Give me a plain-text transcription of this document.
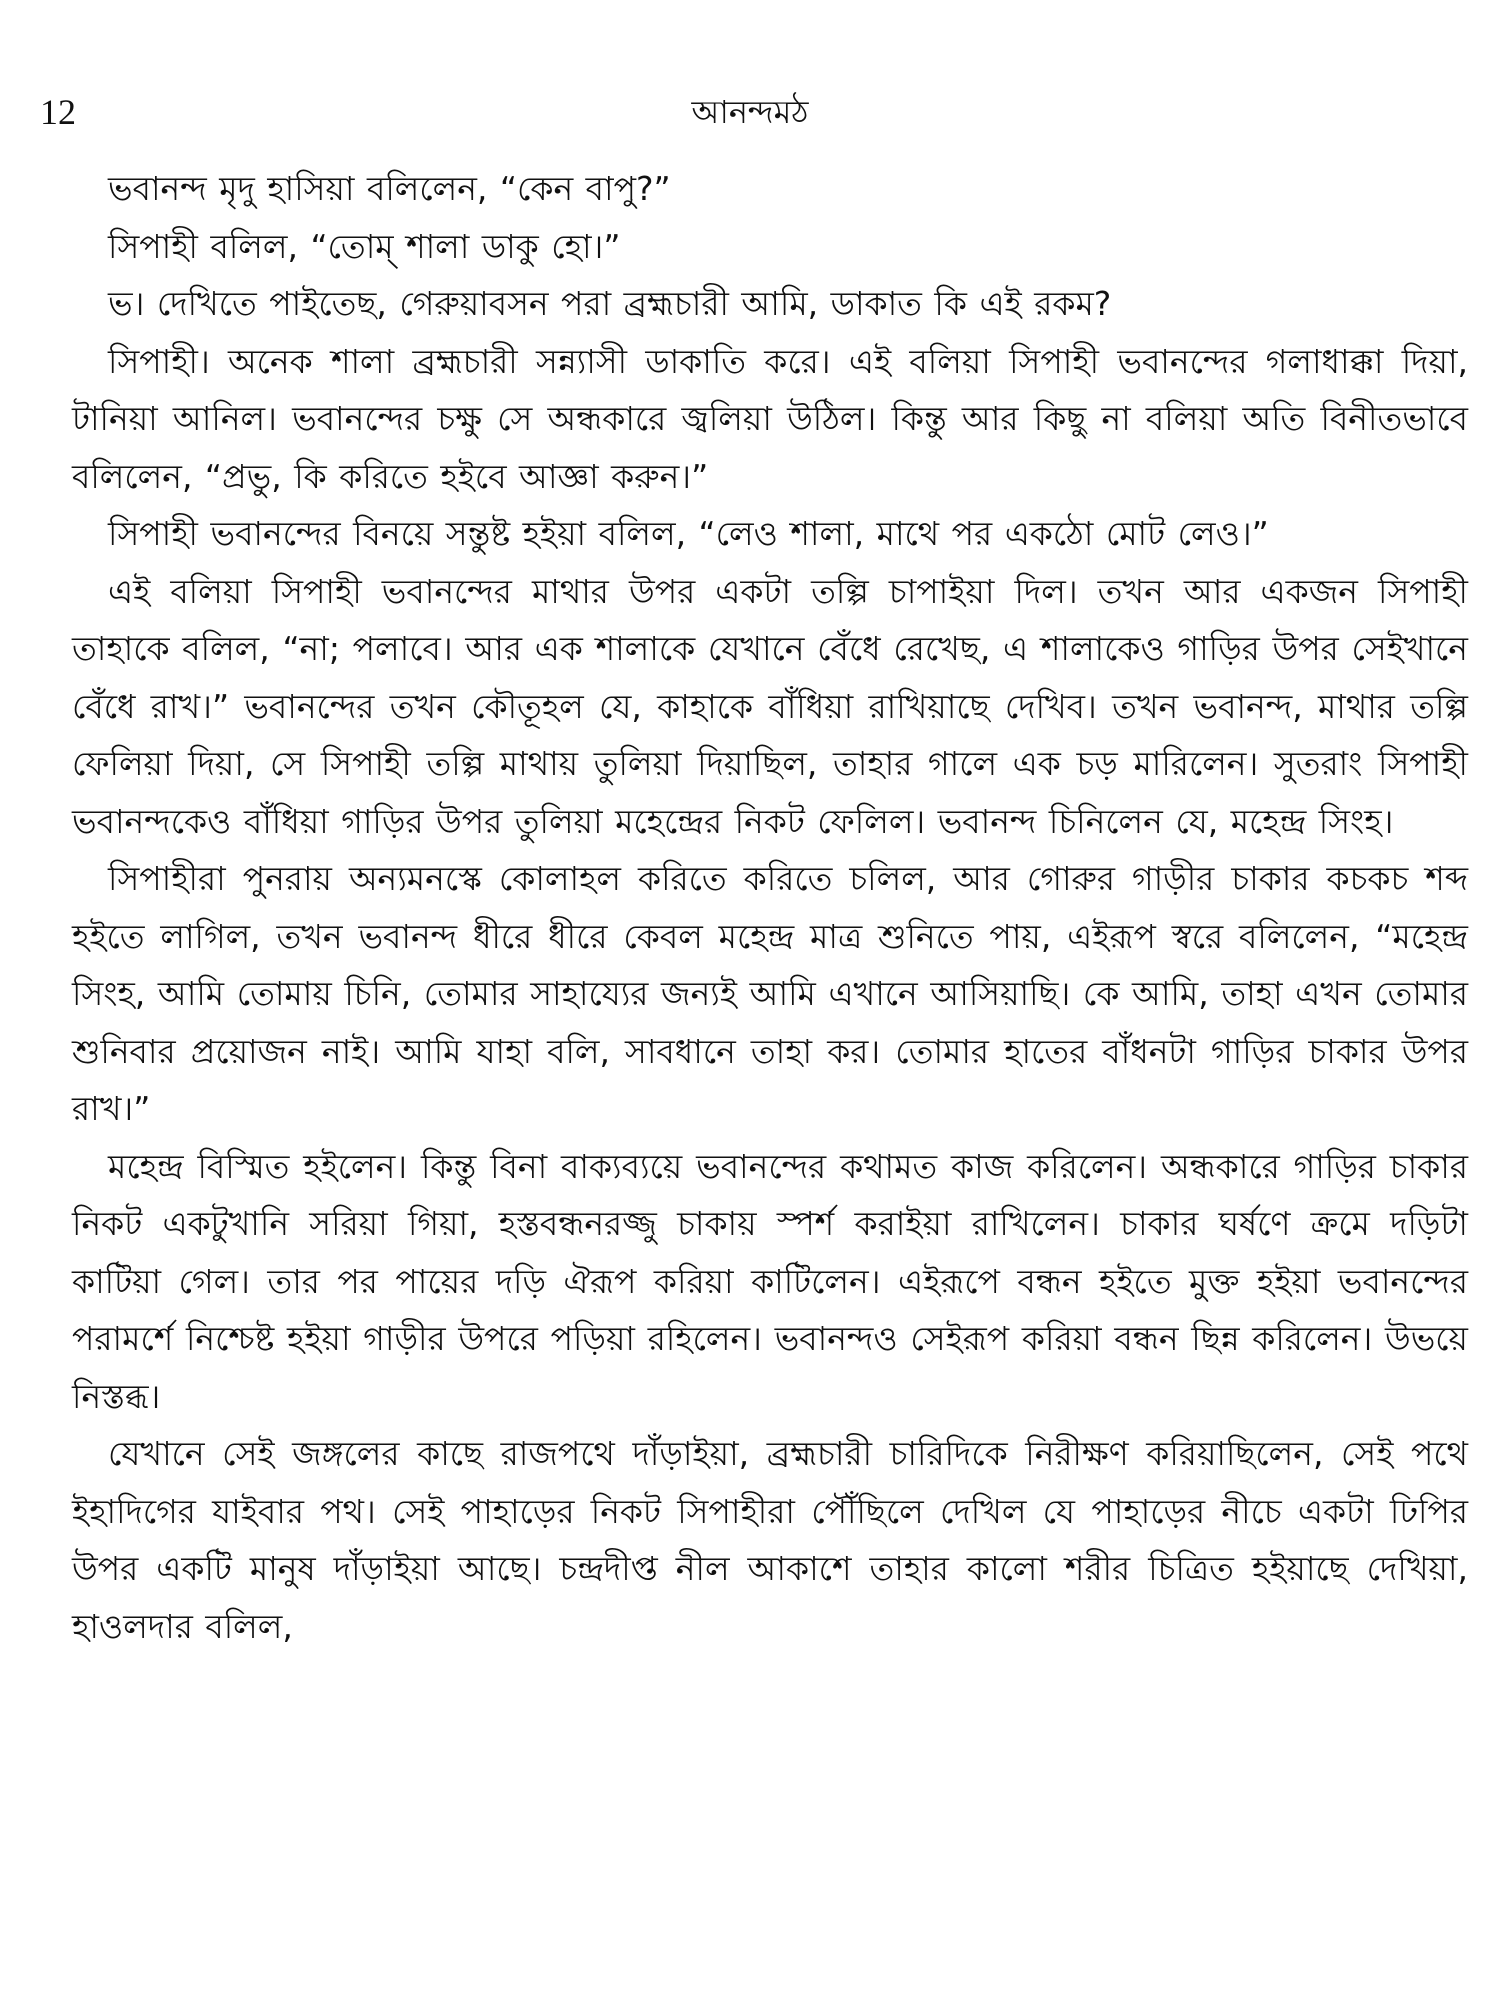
12	আনন্দমঠ

ভবানন্দ মৃদু হাসিয়া বলিলেন, “কেন বাপু?”

সিপাহী বলিল, “তোম্ শালা ডাকু হো।”

ভ। দেখিতে পাইতেছ, গেরুয়াবসন পরা ব্রহ্মচারী আমি, ডাকাত কি এই রকম?

সিপাহী। অনেক শালা ব্রহ্মচারী সন্ন্যাসী ডাকাতি করে। এই বলিয়া সিপাহী ভবানন্দের গলাধাক্কা দিয়া, টানিয়া আনিল। ভবানন্দের চক্ষু সে অন্ধকারে জ্বলিয়া উঠিল। কিন্তু আর কিছু না বলিয়া অতি বিনীতভাবে বলিলেন, “প্রভু, কি করিতে হইবে আজ্ঞা করুন।”

সিপাহী ভবানন্দের বিনয়ে সন্তুষ্ট হইয়া বলিল, “লেও শালা, মাথে পর একঠো মোট লেও।”

এই বলিয়া সিপাহী ভবানন্দের মাথার উপর একটা তল্পি চাপাইয়া দিল। তখন আর একজন সিপাহী তাহাকে বলিল, “না; পলাবে। আর এক শালাকে যেখানে বেঁধে রেখেছ, এ শালাকেও গাড়ির উপর সেইখানে বেঁধে রাখ।” ভবানন্দের তখন কৌতূহল যে, কাহাকে বাঁধিয়া রাখিয়াছে দেখিব। তখন ভবানন্দ, মাথার তল্পি ফেলিয়া দিয়া, সে সিপাহী তল্পি মাথায় তুলিয়া দিয়াছিল, তাহার গালে এক চড় মারিলেন। সুতরাং সিপাহী ভবানন্দকেও বাঁধিয়া গাড়ির উপর তুলিয়া মহেন্দ্রের নিকট ফেলিল। ভবানন্দ চিনিলেন যে, মহেন্দ্র সিংহ।

সিপাহীরা পুনরায় অন্যমনস্কে কোলাহল করিতে করিতে চলিল, আর গোরুর গাড়ীর চাকার কচকচ শব্দ হইতে লাগিল, তখন ভবানন্দ ধীরে ধীরে কেবল মহেন্দ্র মাত্র শুনিতে পায়, এইরূপ স্বরে বলিলেন, “মহেন্দ্র সিংহ, আমি তোমায় চিনি, তোমার সাহায্যের জন্যই আমি এখানে আসিয়াছি। কে আমি, তাহা এখন তোমার শুনিবার প্রয়োজন নাই। আমি যাহা বলি, সাবধানে তাহা কর। তোমার হাতের বাঁধনটা গাড়ির চাকার উপর রাখ।”

মহেন্দ্র বিস্মিত হইলেন। কিন্তু বিনা বাক্যব্যয়ে ভবানন্দের কথামত কাজ করিলেন। অন্ধকারে গাড়ির চাকার নিকট একটুখানি সরিয়া গিয়া, হস্তবন্ধনরজ্জু চাকায় স্পর্শ করাইয়া রাখিলেন। চাকার ঘর্ষণে ক্রমে দড়িটা কাটিয়া গেল। তার পর পায়ের দড়ি ঐরূপ করিয়া কাটিলেন। এইরূপে বন্ধন হইতে মুক্ত হইয়া ভবানন্দের পরামর্শে নিশ্চেষ্ট হইয়া গাড়ীর উপরে পড়িয়া রহিলেন। ভবানন্দও সেইরূপ করিয়া বন্ধন ছিন্ন করিলেন। উভয়ে নিস্তব্ধ।

যেখানে সেই জঙ্গলের কাছে রাজপথে দাঁড়াইয়া, ব্রহ্মচারী চারিদিকে নিরীক্ষণ করিয়াছিলেন, সেই পথে ইহাদিগের যাইবার পথ। সেই পাহাড়ের নিকট সিপাহীরা পৌঁছিলে দেখিল যে পাহাড়ের নীচে একটা ঢিপির উপর একটি মানুষ দাঁড়াইয়া আছে। চন্দ্রদীপ্ত নীল আকাশে তাহার কালো শরীর চিত্রিত হইয়াছে দেখিয়া, হাওলদার বলিল,
